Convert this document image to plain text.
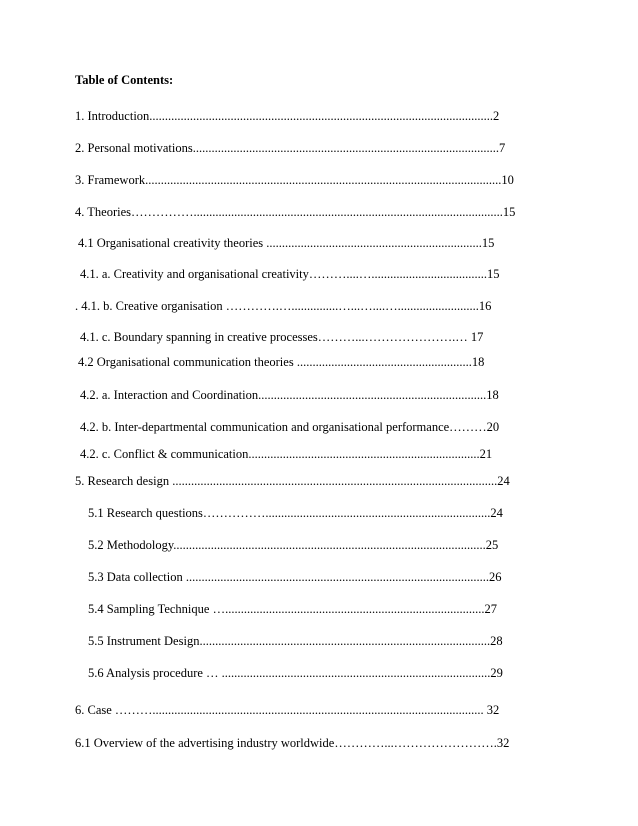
Table of Contents:
1. Introduction..............................................................................................................2
2. Personal motivations..................................................................................................7
3. Framework..................................................................................................................10
4. Theories……………...................................................................................................15
4.1 Organisational creativity theories .....................................................................15
4.1. a. Creativity and organisational creativity………....….....................................15
. 4.1. b. Creative organisation ………….…...............…...…....…..........................16
4.1. c. Boundary spanning in creative processes………...………………….… 17
4.2 Organisational communication theories ........................................................18
4.2. a. Interaction and Coordination.........................................................................18
4.2. b. Inter-departmental communication and organisational performance………20
4.2. c. Conflict & communication..........................................................................21
5. Research design ........................................................................................................24
5.1 Research questions……………........................................................................24
5.2 Methodology....................................................................................................25
5.3 Data collection .................................................................................................26
5.4 Sampling Technique …...................................................................................27
5.5 Instrument Design.............................................................................................28
5.6 Analysis procedure … ......................................................................................29
6. Case ……….......................................................................................................... 32
6.1 Overview of the advertising industry worldwide…………...…………………….32
